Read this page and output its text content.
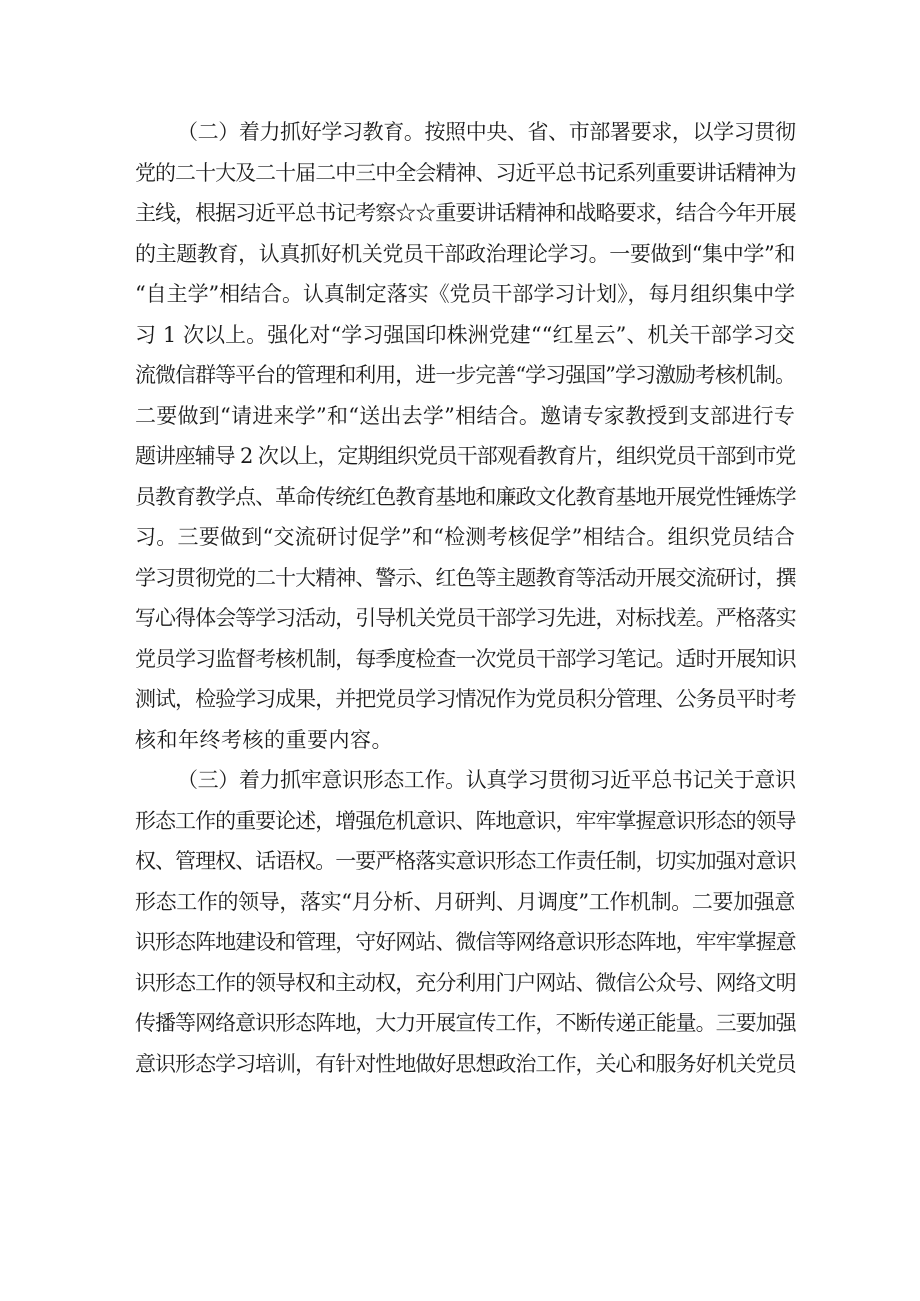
（二）着力抓好学习教育。按照中央、省、市部署要求，以学习贯彻
党的二十大及二十届二中三中全会精神、习近平总书记系列重要讲话精神为
主线，根据习近平总书记考察☆☆重要讲话精神和战略要求，结合今年开展
的主题教育，认真抓好机关党员干部政治理论学习。一要做到“集中学”和
“自主学”相结合。认真制定落实《党员干部学习计划》，每月组织集中学
习 1 次以上。强化对“学习强国印株洲党建““红星云”、机关干部学习交
流微信群等平台的管理和利用，进一步完善“学习强国”学习激励考核机制。
二要做到“请进来学”和“送出去学”相结合。邀请专家教授到支部进行专
题讲座辅导 2 次以上，定期组织党员干部观看教育片，组织党员干部到市党
员教育教学点、革命传统红色教育基地和廉政文化教育基地开展党性锤炼学
习。三要做到“交流研讨促学”和“检测考核促学”相结合。组织党员结合
学习贯彻党的二十大精神、警示、红色等主题教育等活动开展交流研讨，撰
写心得体会等学习活动，引导机关党员干部学习先进，对标找差。严格落实
党员学习监督考核机制，每季度检查一次党员干部学习笔记。适时开展知识
测试，检验学习成果，并把党员学习情况作为党员积分管理、公务员平时考
核和年终考核的重要内容。
（三）着力抓牢意识形态工作。认真学习贯彻习近平总书记关于意识
形态工作的重要论述，增强危机意识、阵地意识，牢牢掌握意识形态的领导
权、管理权、话语权。一要严格落实意识形态工作责任制，切实加强对意识
形态工作的领导，落实“月分析、月研判、月调度”工作机制。二要加强意
识形态阵地建设和管理，守好网站、微信等网络意识形态阵地，牢牢掌握意
识形态工作的领导权和主动权，充分利用门户网站、微信公众号、网络文明
传播等网络意识形态阵地，大力开展宣传工作，不断传递正能量。三要加强
意识形态学习培训，有针对性地做好思想政治工作，关心和服务好机关党员
